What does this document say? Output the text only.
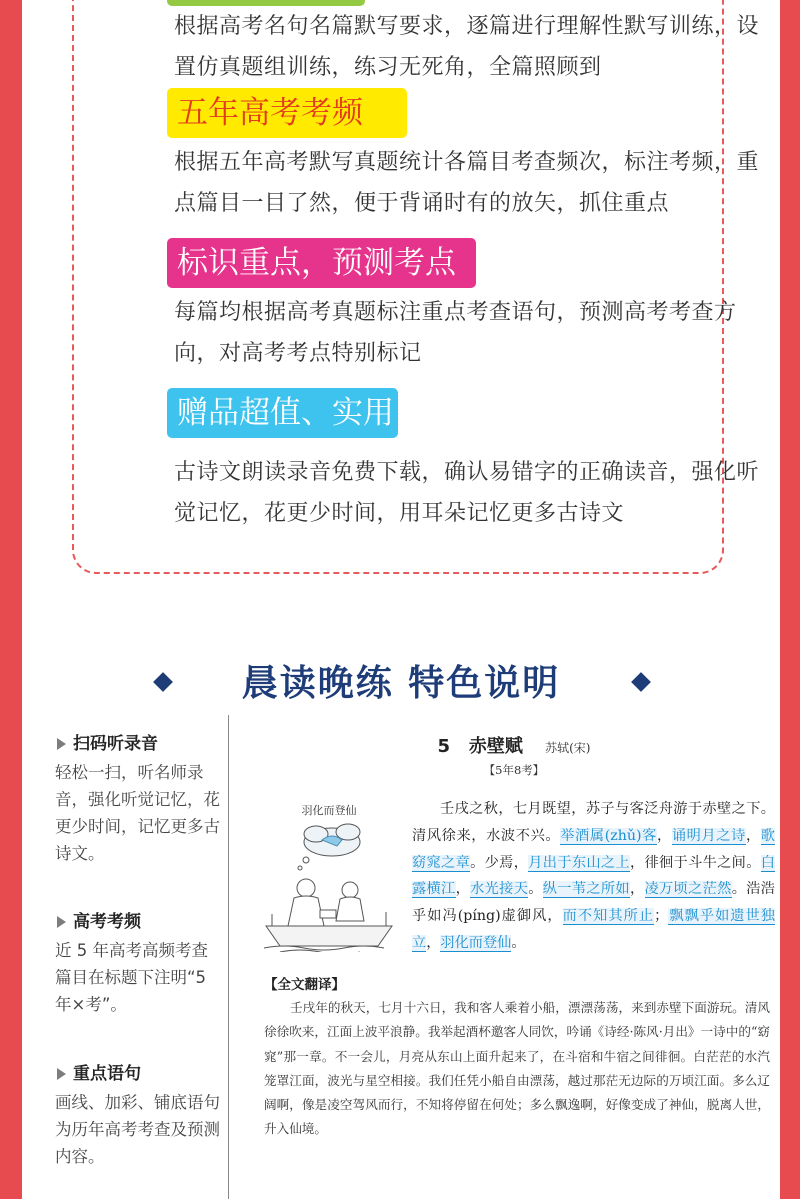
根据高考名句名篇默写要求，逐篇进行理解性默写训练，设置仿真题组训练，练习无死角，全篇照顾到
五年高考考频
根据五年高考默写真题统计各篇目考查频次，标注考频，重点篇目一目了然，便于背诵时有的放矢，抓住重点
标识重点，预测考点
每篇均根据高考真题标注重点考查语句，预测高考考查方向，对高考考点特别标记
赠品超值、实用
古诗文朗读录音免费下载，确认易错字的正确读音，强化听觉记忆，花更少时间，用耳朵记忆更多古诗文
晨读晚练 特色说明
扫码听录音
轻松一扫，听名师录音，强化听觉记忆，花更少时间，记忆更多古诗文。
高考考频
近 5 年高考高频考查篇目在标题下注明“5 年×考”。
重点语句
画线、加彩、铺底语句为历年高考考查及预测内容。
5 赤壁赋 苏轼(宋)
【5年8考】
羽化而登仙	壬戌之秋，七月既望，苏子与客泛舟游于赤壁之下。清风徐来，水波不兴。举酒属(zhǔ)客，诵明月之诗，歌窈窕之章。少焉，月出于东山之上，徘徊于斗牛之间。白露横江，水光接天。纵一苇之所如，凌万顷之茫然。浩浩乎如冯(píng)虚御风，而不知其所止；飘飘乎如遗世独立，羽化而登仙。
【全文翻译】
壬戌年的秋天，七月十六日，我和客人乘着小船，漂漂荡荡，来到赤壁下面游玩。清风徐徐吹来，江面上波平浪静。我举起酒杯邀客人同饮，吟诵《诗经·陈风·月出》一诗中的“窈窕”那一章。不一会儿，月亮从东山上面升起来了，在斗宿和牛宿之间徘徊。白茫茫的水汽笼罩江面，波光与星空相接。我们任凭小船自由漂荡，越过那茫无边际的万顷江面。多么辽阔啊，像是凌空驾风而行，不知将停留在何处；多么飘逸啊，好像变成了神仙，脱离人世，升入仙境。
